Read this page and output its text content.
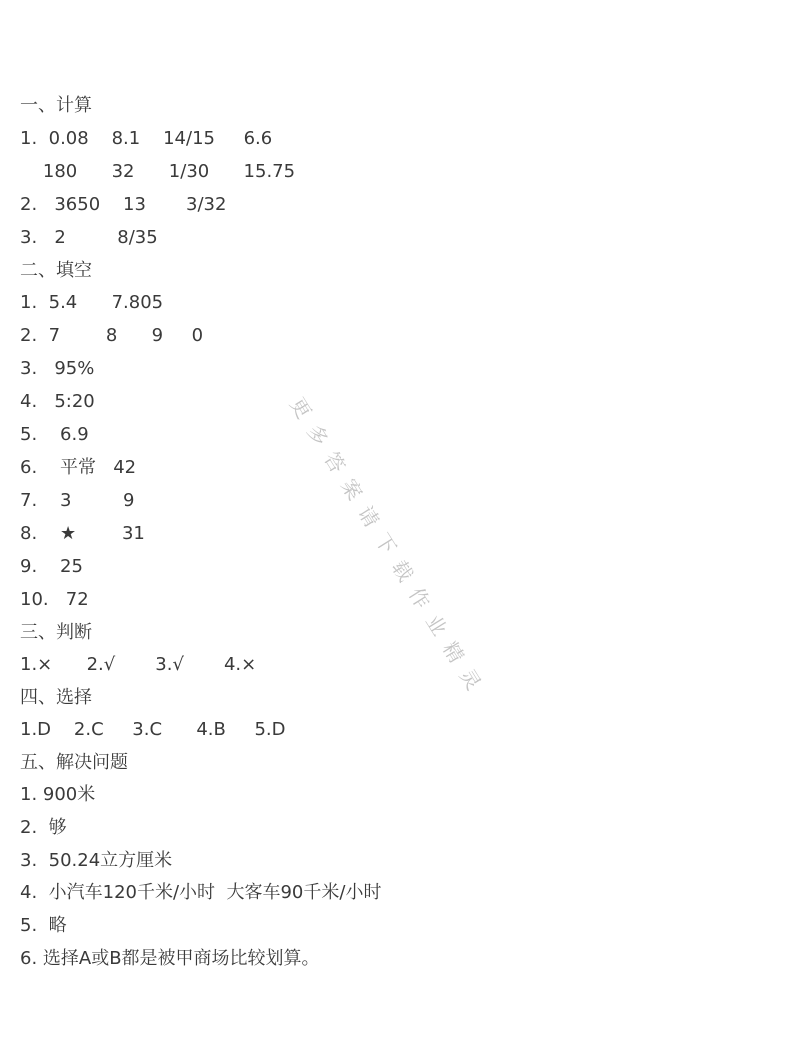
一、计算
1.  0.08    8.1    14/15     6.6
180      32      1/30      15.75
2.   3650    13       3/32
3.   2         8/35
二、填空
1.  5.4      7.805
2.  7        8      9     0
3.   95%
4.   5:20
5.    6.9
6.    平常   42
7.    3         9
8.    ★        31
9.    25
10.   72
三、判断
1.×      2.√       3.√       4.×
四、选择
1.D    2.C     3.C      4.B     5.D
五、解决问题
1. 900米
2.  够
3.  50.24立方厘米
4.  小汽车120千米/小时  大客车90千米/小时
5.  略
6. 选择A或B都是被甲商场比较划算。
更多答案请下载作业精灵
